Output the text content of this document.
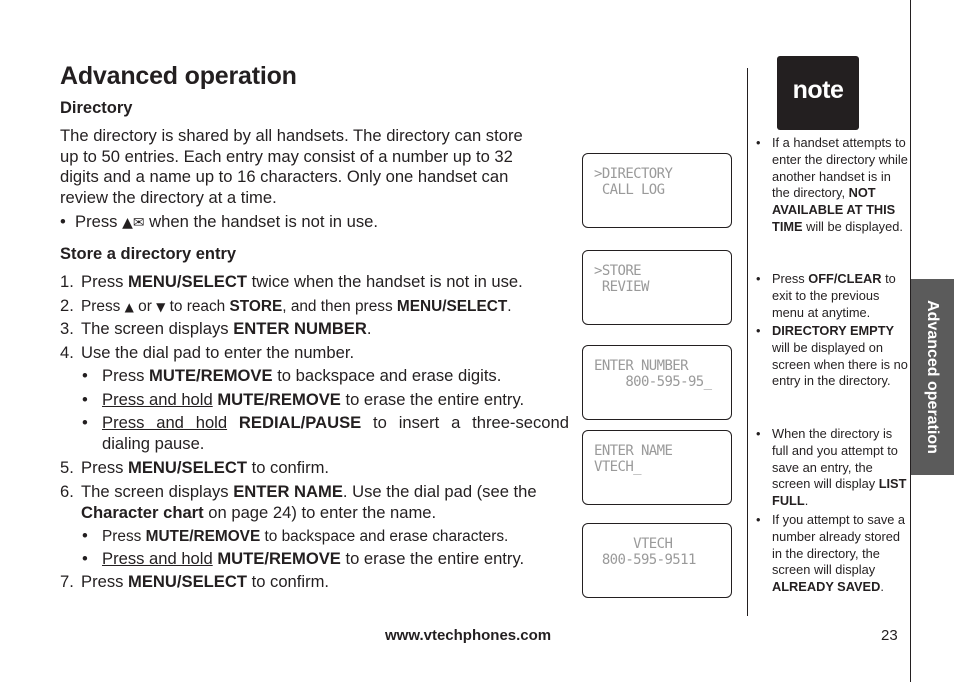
Advanced operation
Directory
The directory is shared by all handsets. The directory can store
up to 50 entries. Each entry may consist of a number up to 32
digits and a name up to 16 characters. Only one handset can
review the directory at a time.
•  Press ▲✉ when the handset is not in use.
Store a directory entry
1. Press MENU/SELECT twice when the handset is not in use.
2. Press ▲ or ▼ to reach STORE, and then press MENU/SELECT.
3. The screen displays ENTER NUMBER.
4. Use the dial pad to enter the number.
• Press MUTE/REMOVE to backspace and erase digits.
• Press and hold MUTE/REMOVE to erase the entire entry.
• Press and hold REDIAL/PAUSE to insert a three-second dialing pause.
5. Press MENU/SELECT to confirm.
6. The screen displays ENTER NAME. Use the dial pad (see the Character chart on page 24) to enter the name.
• Press MUTE/REMOVE to backspace and erase characters.
• Press and hold MUTE/REMOVE to erase the entire entry.
7. Press MENU/SELECT to confirm.
>DIRECTORY
CALL LOG
>STORE
REVIEW
ENTER NUMBER
800-595-95_
ENTER NAME
VTECH_
VTECH
800-595-9511
note
• If a handset attempts to enter the directory while another handset is in the directory, NOT AVAILABLE AT THIS TIME will be displayed.
• Press OFF/CLEAR to exit to the previous menu at anytime.
• DIRECTORY EMPTY will be displayed on screen when there is no entry in the directory.
• When the directory is full and you attempt to save an entry, the screen will display LIST FULL.
• If you attempt to save a number already stored in the directory, the screen will display ALREADY SAVED.
Advanced operation
www.vtechphones.com	23
